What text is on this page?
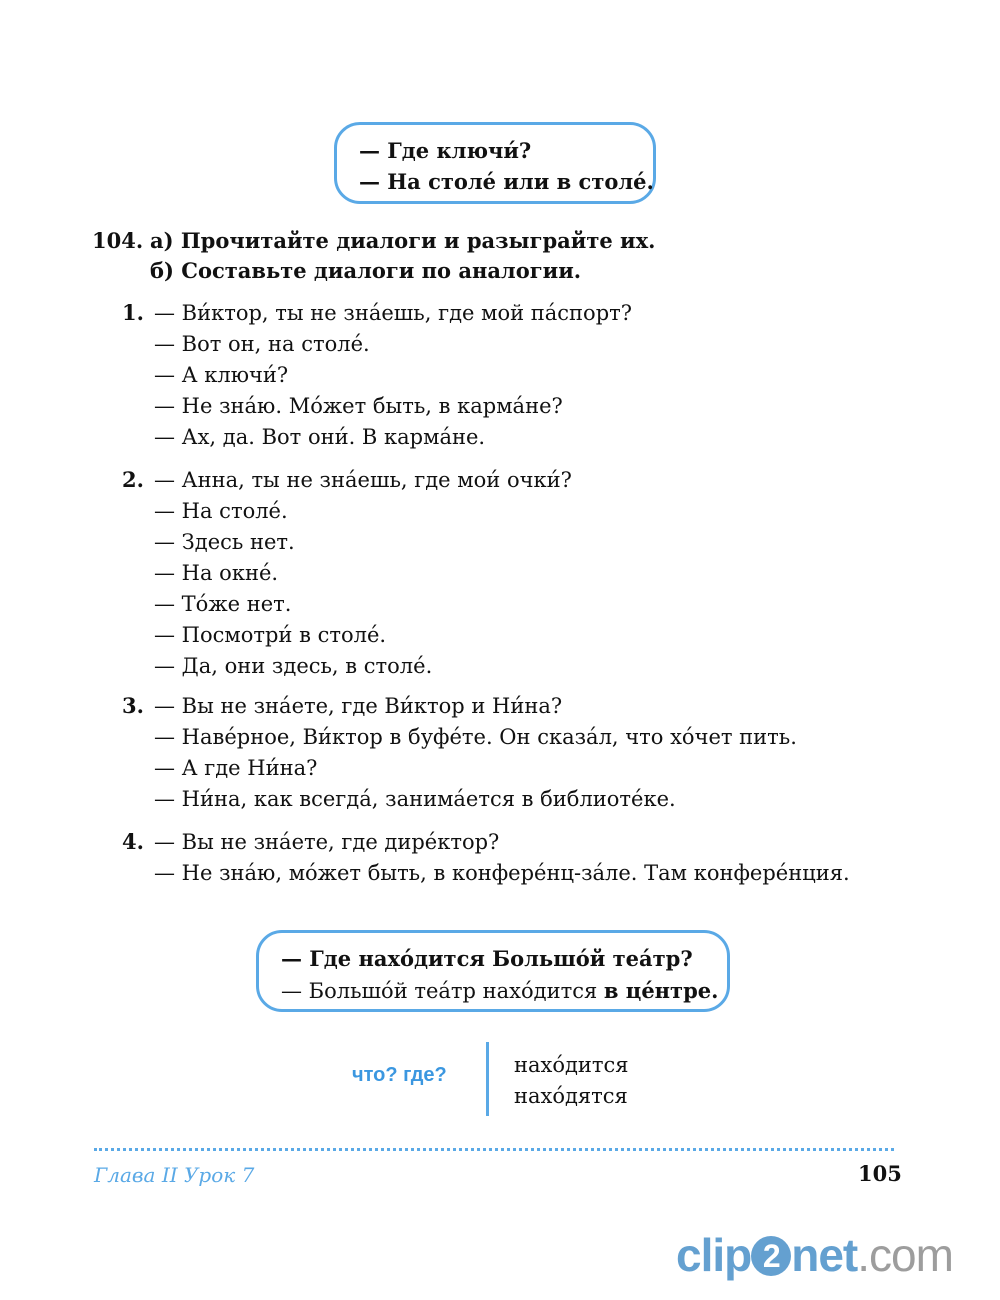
— Где ключи́?
— На столе́ или в столе́.
104. а) Прочитайте диалоги и разыграйте их.
б) Составьте диалоги по аналогии.
1. — Ви́ктор, ты не зна́ешь, где мой па́спорт?
— Вот он, на столе́.
— А ключи́?
— Не зна́ю. Мо́жет быть, в карма́не?
— Ах, да. Вот они́. В карма́не.
2. — Анна, ты не зна́ешь, где мои́ очки́?
— На столе́.
— Здесь нет.
— На окне́.
— То́же нет.
— Посмотри́ в столе́.
— Да, они здесь, в столе́.
3. — Вы не зна́ете, где Ви́ктор и Ни́на?
— Наве́рное, Ви́ктор в буфе́те. Он сказа́л, что хо́чет пить.
— А где Ни́на?
— Ни́на, как всегда́, занима́ется в библиоте́ке.
4. — Вы не зна́ете, где дире́ктор?
— Не зна́ю, мо́жет быть, в конфере́нц-за́ле. Там конфере́нция.
— Где нахо́дится Большо́й теа́тр?
— Большо́й теа́тр нахо́дится в це́нтре.
что? где?	нахо́дится
нахо́дятся
Глава II Урок 7	105
clip 2 net.com
